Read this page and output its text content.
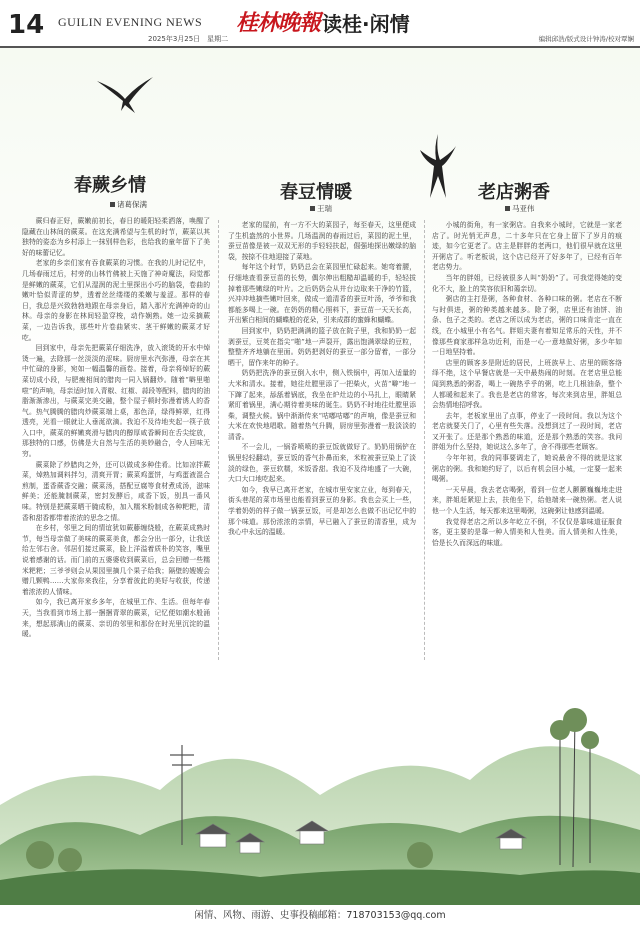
14 GUILIN EVENING NEWS
2025年3月25日　星期二
桂林晚報 读桂·闲情
编辑邱浩/版式设计钟涛/校对覃娴
春蕨乡情
诸葛保满

蕨归春正好，蕨嫩前初长，春日的暖阳轻柔洒落，唤醒了隐藏在山林间的蕨菜。在这充满希望与生机的时节，蕨菜以其独特的姿态为乡村添上一抹别样色彩，也给我的童年留下了美好的味蕾记忆。

老家的乡亲们家有吞食蕨菜的习惯。在我的儿时记忆中，几场春雨过后，村旁的山林竹佛被上天施了神奇魔法，闷觉都是鲜嫩的蕨菜，它们从湿润的泥土里探出小巧的脑袋，卷曲的嫩叶恰似青涩的梦，透着丝丝缕缕的柔嫩与羞涩。那样的春日，我总是兴致勃勃地跟在母亲身后，踏入那片充满神奇的山林。母亲的身影在林间轻盈穿梭，动作娴熟。她一边采摘蕨菜，一边告诉我，那些叶片卷曲紧实、茎干鲜嫩的蕨菜才好吃。

回到家中，母亲先把蕨菜仔细洗净，放入滚烫的开水中焯烫一遍，去除那一丝淡淡的涩味。厨房里水汽弥漫，母亲在其中忙碌的身影，宛如一幅温馨的画卷。接着，母亲将焯好的蕨菜切成小段，与肥瘦相间的腊肉一同入锅翻炒。随着“噼里啪啦”的声响，母亲适时加入青椒、红椒、蒜段等配料，腊肉的油脂渐渐渗出，与蕨菜完美交融，整个屋子顿时弥漫着诱人的香气。热气腾腾的腊肉炒蕨菜端上桌，那色泽，绿得鲜翠，红得透亮，光看一眼就让人垂涎欲滴。我迫不及待地夹起一筷子放入口中，蕨菜的鲜嫩爽滑与腊肉的醇厚咸香瞬间在舌尖绽放，那独特的口感，仿佛是大自然与生活的美妙融合，令人回味无穷。

蕨菜除了炒腊肉之外，还可以做成多种佳肴。比如凉拌蕨菜，焯熟加调料拌匀，清爽开胃；蕨菜鸡蛋饼，与鸡蛋液混合煎制，蛋香蕨香交融；蕨菜汤，搭配豆腐等食材煮成汤，滋味鲜美；还能腌制蕨菜，密封发酵后，咸香下饭，别具一番风味。特别是把蕨菜晒干腌成粉，加入糯米粉制成各种粑粑，清香和甜香都带着浓浓的思念之情。

在乡村，邻里之间的情谊犹如蕨藤缠绕般，在蕨菜成熟时节，每当母亲做了美味的蕨菜美食，都会分出一部分，让我送给左邻右舍。邻居们接过蕨菜，脸上洋溢着质朴的笑容，嘴里说着感谢的话。而门前的五婆婆收到蕨菜后，总会回赠一些糯米粑粑；三爷爷则会从果园里摘几个果子给我；隔壁的嫂嫂会赠几颗鸭……大家你来我往，分享着彼此的美好与收获，传递着浓浓的人情味。

如今，我已离开家乡多年，在城里工作、生活。但每年春天，当我看到市场上那一捆捆青翠的蕨菜，记忆便如潮水般涌来，想起那满山的蕨菜、亲切的邻里和那份在时光里沉淀的温暖。

春豆情暖
王瑞

老家的屋前，有一方不大的菜园子，每至春天，这里便成了生机盎然的小世界。几场温润的春雨过后，菜园的泥土里，蚕豆苗像是被一双双无形的手轻轻扶起，倔强地探出嫩绿的脑袋，按捺不住地迎接了菜地。

每年这个时节，奶奶总会在菜园里忙碌起来。她弯着腰，仔细地查看蚕豆苗的长势，偶尔伸出粗糙却温暖的手，轻轻拔掉着那些嫩绿的叶片。之后奶奶会从井台边取来干净的竹篮，兴冲冲地摘些嫩叶回来，做成一道清香的蚕豆叶汤，爷爷和我都能多喝上一碗。在奶奶的精心照料下，蚕豆苗一天天长高，开出紫白相间的蝴蝶般的花朵，引来成群的蜜蜂和蝴蝶。

回到家中，奶奶把满满的篮子放在院子里，我和奶奶一起剥蚕豆，豆荚在指尖“啪”地一声裂开，露出饱满翠绿的豆粒，整整齐齐地躺在里面。奶奶把剥好的蚕豆一部分留着，一部分晒干，留作来年的种子。

奶奶把洗净的蚕豆倒入水中，侧入铁锅中，再加入适量的大米和清水。接着，她往灶膛里添了一把柴火，火苗“噼”地一下蹿了起来，舔舐着锅底，我坐在炉灶边的小马扎上，眼睛紧紧盯着锅里，满心期待着美味的诞生。奶奶不时地往灶膛里添柴，调整火候。锅中渐渐传来“咕嘟咕嘟”的声响，像是蚕豆和大米在欢快地唱歌。随着热气升腾，厨房里弥漫着一股淡淡的清香。

不一会儿，一锅香喷喷的蚕豆饭就做好了。奶奶用锅铲在锅里轻轻翻动，蚕豆饭的香气扑鼻而来，米粒被蚕豆染上了淡淡的绿色，蚕豆软糯，米饭香甜。我迫不及待地盛了一大碗，大口大口地吃起来。

如今，我早已离开老家，在城市里安家立业，每到春天，街头巷尾的菜市场里也能看到蚕豆的身影。我也会买上一些，学着奶奶的样子做一锅蚕豆饭，可是却怎么也做不出记忆中的那个味道。那份浓浓的亲情，早已融入了蚕豆的清香里，成为我心中永远的温暖。

老店粥香
马亚伟

小城的街角，有一家粥店。自我来小城时，它就是一家老店了。时光悄无声息，二十多年只在它身上留下了岁月的痕迹，如今它更老了。店主是胖胖的老两口，他们很早就在这里开粥店了。听老板说，这个店已经开了好多年了，已经有百年老店势力。

当年的胖姐，已经被很多人叫“奶奶”了。可我觉得她的变化不大，脸上的笑容依旧和蔼亲切。

粥店的主打是粥，各种食材、各种口味的粥。老店在不断与时俱进，粥的种类越来越多。除了粥，店里还有油饼、油条、包子之类的。老店之所以成为老店，粥的口味肯定一直在线，在小城里小有名气。胖姐夫妻有着知足常乐的天性，并不像那些商家那样急功近利，而是一心一意地做好粥，多少年如一日地坚持着。

店里的顾客多是附近的居民，上班族早上、店里的顾客络绎不绝，这个早餐店就是一天中最热闹的时刻。在老店里总能闻到熟悉的粥香，喝上一碗热乎乎的粥，吃上几根油条，整个人都暖和起来了。我也是老店的常客，每次来到店里，胖姐总会热情地招呼我。

去年，老板家里出了点事，停业了一段时间。我以为这个老店就要关门了，心里有些失落。没想到过了一段时间，老店又开张了。还是那个熟悉的味道，还是那个熟悉的笑容。我问胖姐为什么坚持，她说这么多年了，舍不得那些老顾客。

今年年初，我的同事要调走了，她说最舍不得的就是这家粥店的粥。我和她约好了，以后有机会回小城，一定要一起来喝粥。

一天早晨，我去老店喝粥，看到一位老人颤颤巍巍地走进来，胖姐赶紧迎上去，扶他坐下，给他端来一碗热粥。老人说他一个人生活，每天都来这里喝粥，这碗粥让他感到温暖。

我觉得老店之所以多年屹立不倒，不仅仅是靠味道征服食客，更主要的是靠一种人情美和人性美。而人情美和人性美，恰是长久而深远的味道。

闲情、风物、雨游、史事投稿邮箱：718703153@qq.com
